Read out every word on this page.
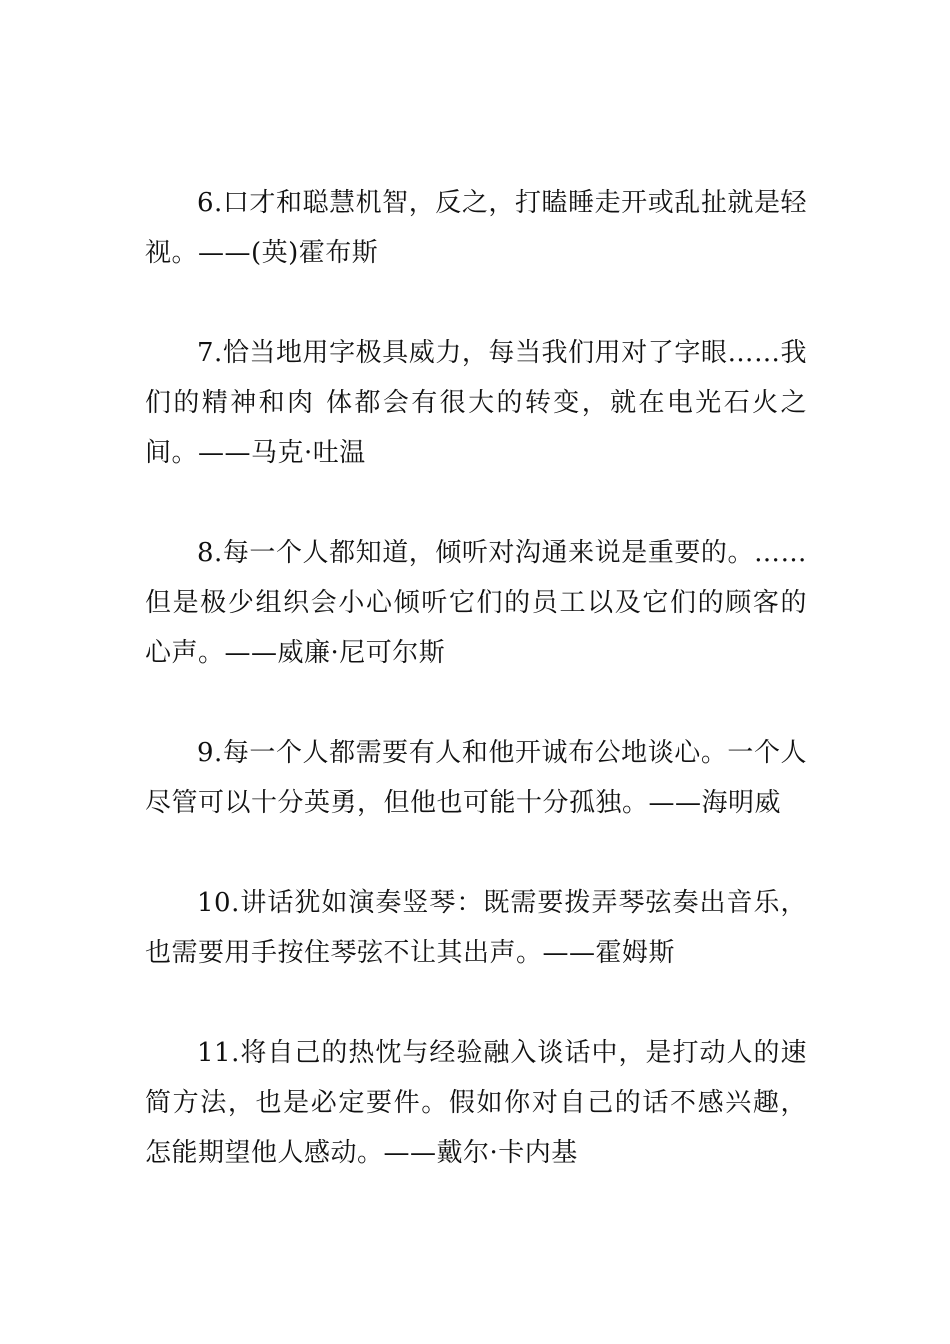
6.口才和聪慧机智，反之，打瞌睡走开或乱扯就是轻视。——(英)霍布斯

7.恰当地用字极具威力，每当我们用对了字眼……我们的精神和肉 体都会有很大的转变，就在电光石火之间。——马克·吐温

8.每一个人都知道，倾听对沟通来说是重要的。……但是极少组织会小心倾听它们的员工以及它们的顾客的心声。——威廉·尼可尔斯

9.每一个人都需要有人和他开诚布公地谈心。一个人尽管可以十分英勇，但他也可能十分孤独。——海明威

10.讲话犹如演奏竖琴：既需要拨弄琴弦奏出音乐，也需要用手按住琴弦不让其出声。——霍姆斯

11.将自己的热忱与经验融入谈话中，是打动人的速简方法，也是必定要件。假如你对自己的话不感兴趣，怎能期望他人感动。——戴尔·卡内基
